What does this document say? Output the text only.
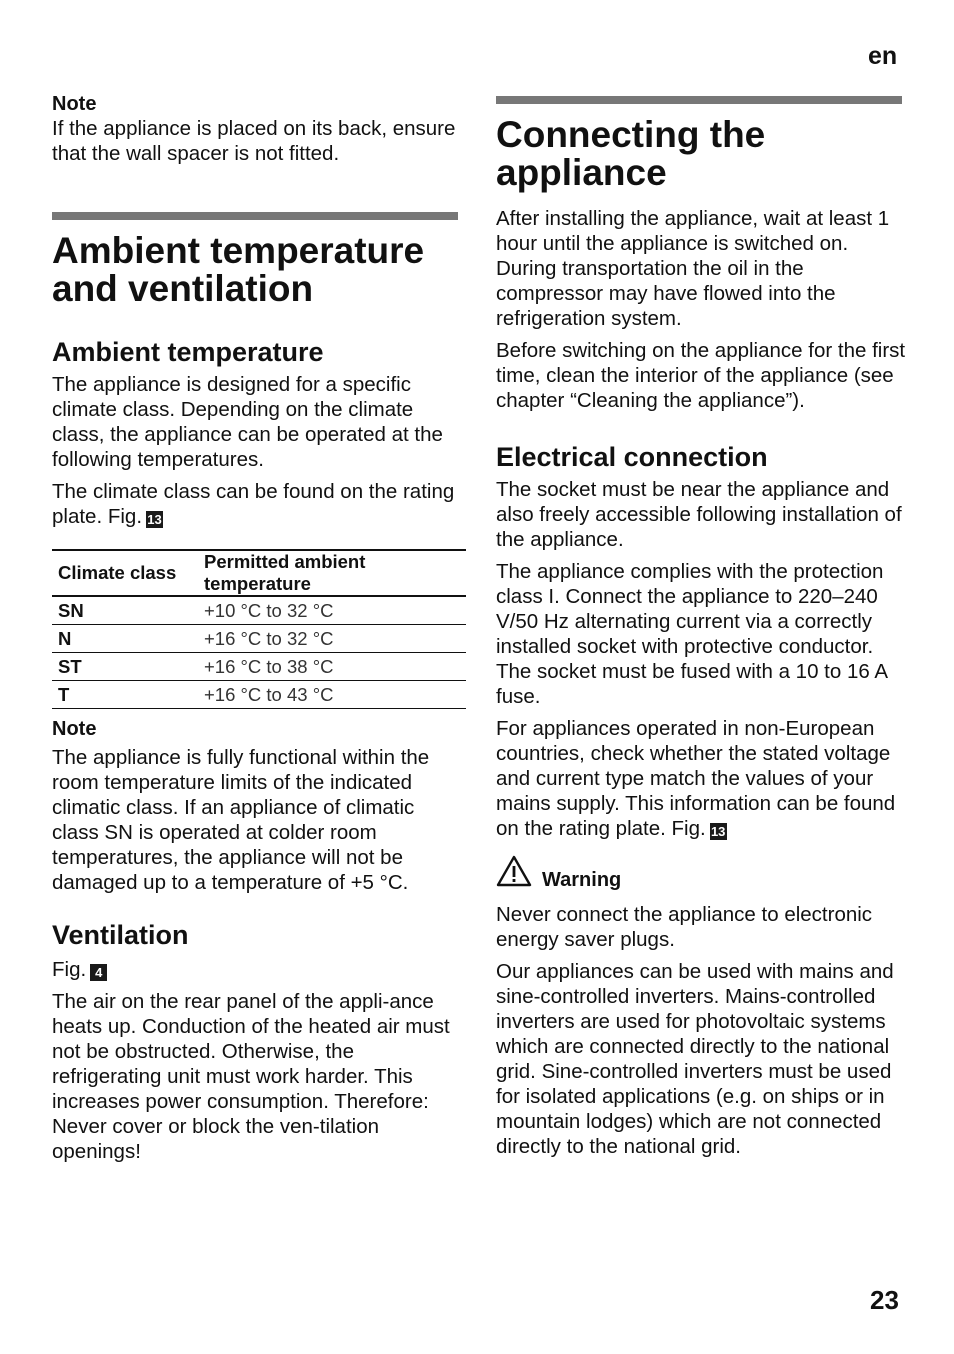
en
Note

If the appliance is placed on its back, ensure that the wall spacer is not fitted.

Ambient temperature and ventilation
Ambient temperature

The appliance is designed for a specific climate class. Depending on the climate class, the appliance can be operated at the following temperatures.

The climate class can be found on the rating plate. Fig. 13

Climate class	Permitted ambient temperature
SN	+10 °C to 32 °C
N	+16 °C to 32 °C
ST	+16 °C to 38 °C
T	+16 °C to 43 °C
Note

The appliance is fully functional within the room temperature limits of the indicated climatic class. If an appliance of climatic class SN is operated at colder room temperatures, the appliance will not be damaged up to a temperature of +5 °C.

Ventilation

Fig. 4

The air on the rear panel of the appli-ance heats up. Conduction of the heated air must not be obstructed. Otherwise, the refrigerating unit must work harder. This increases power consumption. Therefore: Never cover or block the ven-tilation openings!

Connecting the appliance

After installing the appliance, wait at least 1 hour until the appliance is switched on. During transportation the oil in the compressor may have flowed into the refrigeration system.

Before switching on the appliance for the first time, clean the interior of the appliance (see chapter “Cleaning the appliance”).

Electrical connection

The socket must be near the appliance and also freely accessible following installation of the appliance.

The appliance complies with the protection class I. Connect the appliance to 220–240 V/50 Hz alternating current via a correctly installed socket with protective conductor. The socket must be fused with a 10 to 16 A fuse.

For appliances operated in non-European countries, check whether the stated voltage and current type match the values of your mains supply. This information can be found on the rating plate. Fig. 13

Warning

Never connect the appliance to electronic energy saver plugs.

Our appliances can be used with mains and sine-controlled inverters. Mains-controlled inverters are used for photovoltaic systems which are connected directly to the national grid. Sine-controlled inverters must be used for isolated applications (e.g. on ships or in mountain lodges) which are not connected directly to the national grid.

23
